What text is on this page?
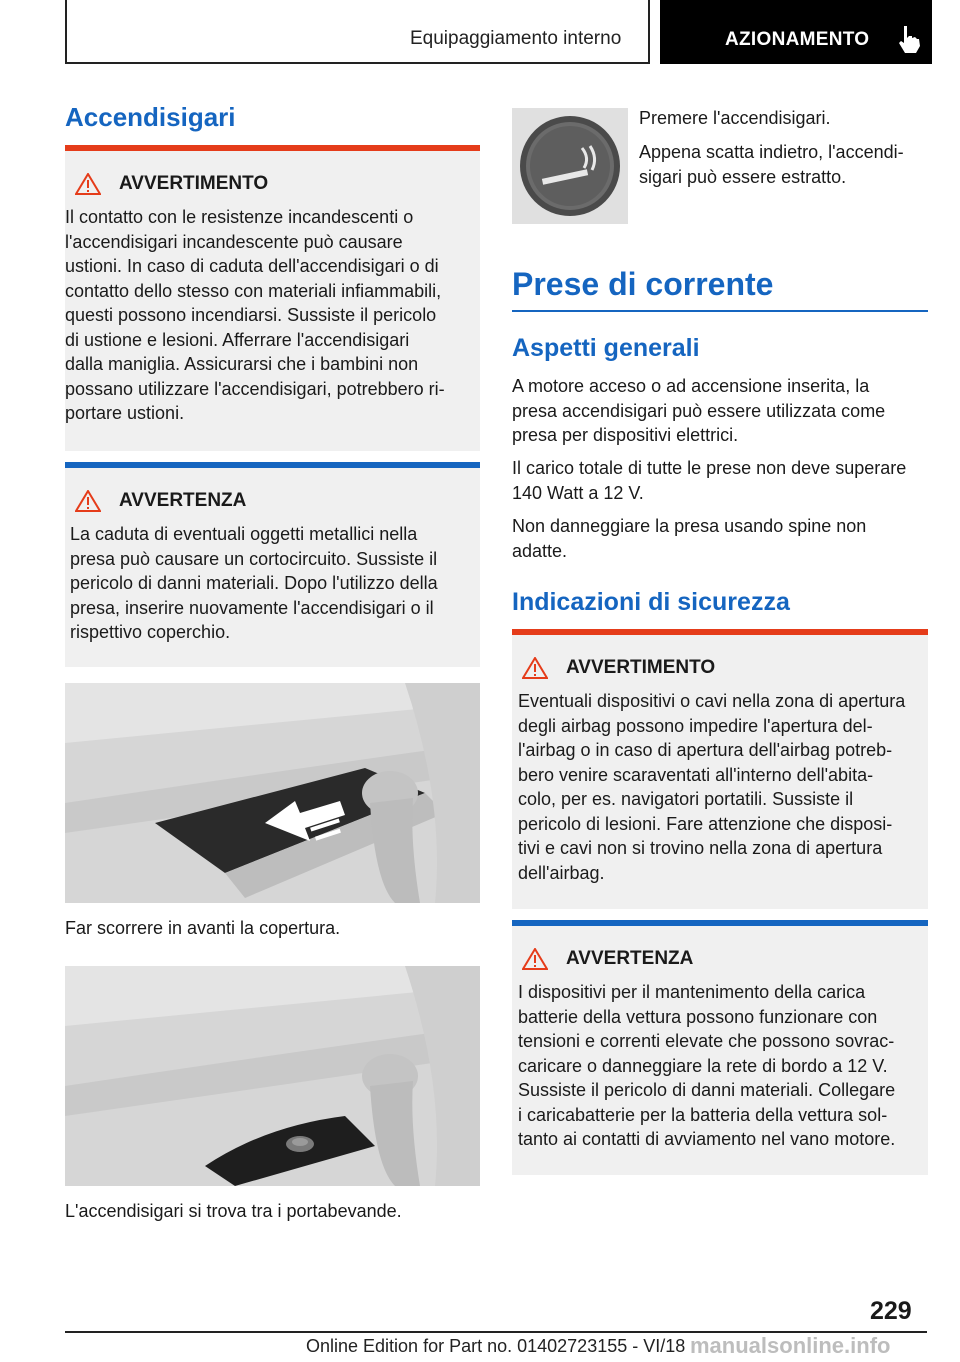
Equipaggiamento interno	AZIONAMENTO
Accendisigari
AVVERTIMENTO
Il contatto con le resistenze incandescenti o
l'accendisigari incandescente può causare
ustioni. In caso di caduta dell'accendisigari o di
contatto dello stesso con materiali infiammabili,
questi possono incendiarsi. Sussiste il pericolo
di ustione e lesioni. Afferrare l'accendisigari
dalla maniglia. Assicurarsi che i bambini non
possano utilizzare l'accendisigari, potrebbero ri-
portare ustioni.
AVVERTENZA
La caduta di eventuali oggetti metallici nella
presa può causare un cortocircuito. Sussiste il
pericolo di danni materiali. Dopo l'utilizzo della
presa, inserire nuovamente l'accendisigari o il
rispettivo coperchio.
Far scorrere in avanti la copertura.
L'accendisigari si trova tra i portabevande.
Premere l'accendisigari.
Appena scatta indietro, l'accendi-
sigari può essere estratto.
Prese di corrente
Aspetti generali
A motore acceso o ad accensione inserita, la
presa accendisigari può essere utilizzata come
presa per dispositivi elettrici.
Il carico totale di tutte le prese non deve superare
140 Watt a 12 V.
Non danneggiare la presa usando spine non
adatte.
Indicazioni di sicurezza
AVVERTIMENTO
Eventuali dispositivi o cavi nella zona di apertura
degli airbag possono impedire l'apertura del-
l'airbag o in caso di apertura dell'airbag potreb-
bero venire scaraventati all'interno dell'abita-
colo, per es. navigatori portatili. Sussiste il
pericolo di lesioni. Fare attenzione che disposi-
tivi e cavi non si trovino nella zona di apertura
dell'airbag.
AVVERTENZA
I dispositivi per il mantenimento della carica
batterie della vettura possono funzionare con
tensioni e correnti elevate che possono sovrac-
caricare o danneggiare la rete di bordo a 12 V.
Sussiste il pericolo di danni materiali. Collegare
i caricabatterie per la batteria della vettura sol-
tanto ai contatti di avviamento nel vano motore.
229
Online Edition for Part no. 01402723155 - VI/18 manualsonline.info
